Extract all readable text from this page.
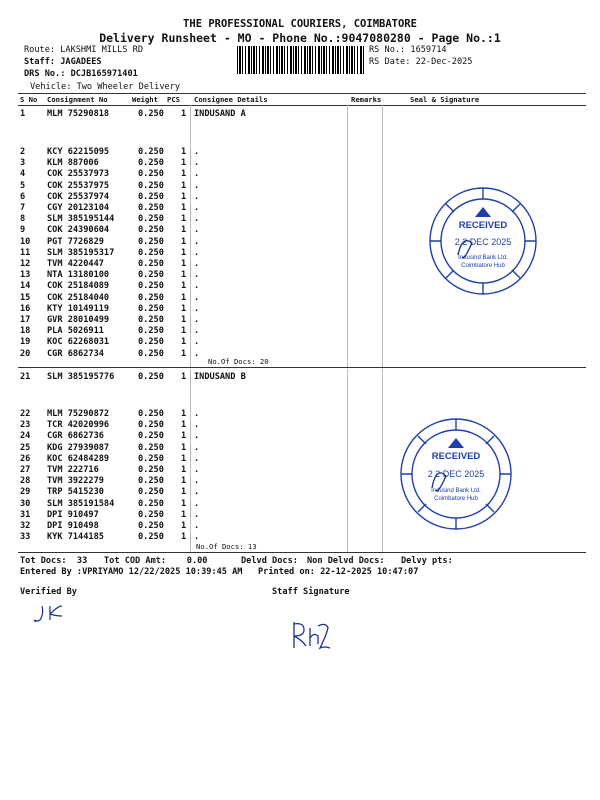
THE PROFESSIONAL COURIERS, COIMBATORE
Delivery Runsheet - MO - Phone No.:9047080280 - Page No.:1
Route: LAKSHMI MILLS RD
Staff: JAGADEES
DRS No.: DCJB165971401
Vehicle: Two Wheeler Delivery
RS No.: 1659714
RS Date: 22-Dec-2025
S No Consignment No	Weight PCS Consignee Details	Remarks	Seal & Signature
1	MLM 75290818	0.250 1 INDUSAND A
2	KCY 62215095	0.250 1 .
3	KLM 887006	0.250 1 .
4	COK 25537973	0.250 1 .
5	COK 25537975	0.250 1 .
6	COK 25537974	0.250 1 .
7	CGY 20123104	0.250 1 .
8	SLM 385195144	0.250 1 .
9	COK 24390604	0.250 1 .
10 PGT 7726829	0.250 1 .
11 SLM 385195317	0.250 1 .
12 TVM 4220447	0.250 1 .
13 NTA 13180100	0.250 1 .
14 COK 25184089	0.250 1 .
15 COK 25184040	0.250 1 .
16 KTY 10149119	0.250 1 .
17 GVR 28010499	0.250 1 .
18 PLA 5026911	0.250 1 .
19 KOC 62268031	0.250 1 .
20 CGR 6862734	0.250 1 .
No.Of Docs: 20
21 SLM 385195776	0.250 1 INDUSAND B
22 MLM 75290872	0.250 1 .
23 TCR 42020996	0.250 1 .
24 CGR 6862736	0.250 1 .
25 KDG 27939087	0.250 1 .
26 KOC 62484289	0.250 1 .
27 TVM 222716	0.250 1 .
28 TVM 3922279	0.250 1 .
29 TRP 5415230	0.250 1 .
30 SLM 385191584	0.250 1 .
31 DPI 910497	0.250 1 .
32 DPI 910498	0.250 1 .
33 KYK 7144185	0.250 1 .
No.Of Docs: 13
Tot Docs:  33 Tot COD Amt:    0.00	Delvd Docs: Non Delvd Docs: Delvy pts:
Entered By :VPRIYAMO 12/22/2025 10:39:45 AM Printed on: 22-12-2025 10:47:07
Verified By	Staff Signature
RECEIVED
2 2 DEC 2025
Indusind Bank Ltd.
Coimbatore Hub
RECEIVED
2 2 DEC 2025
Indusind Bank Ltd.
Coimbatore Hub
